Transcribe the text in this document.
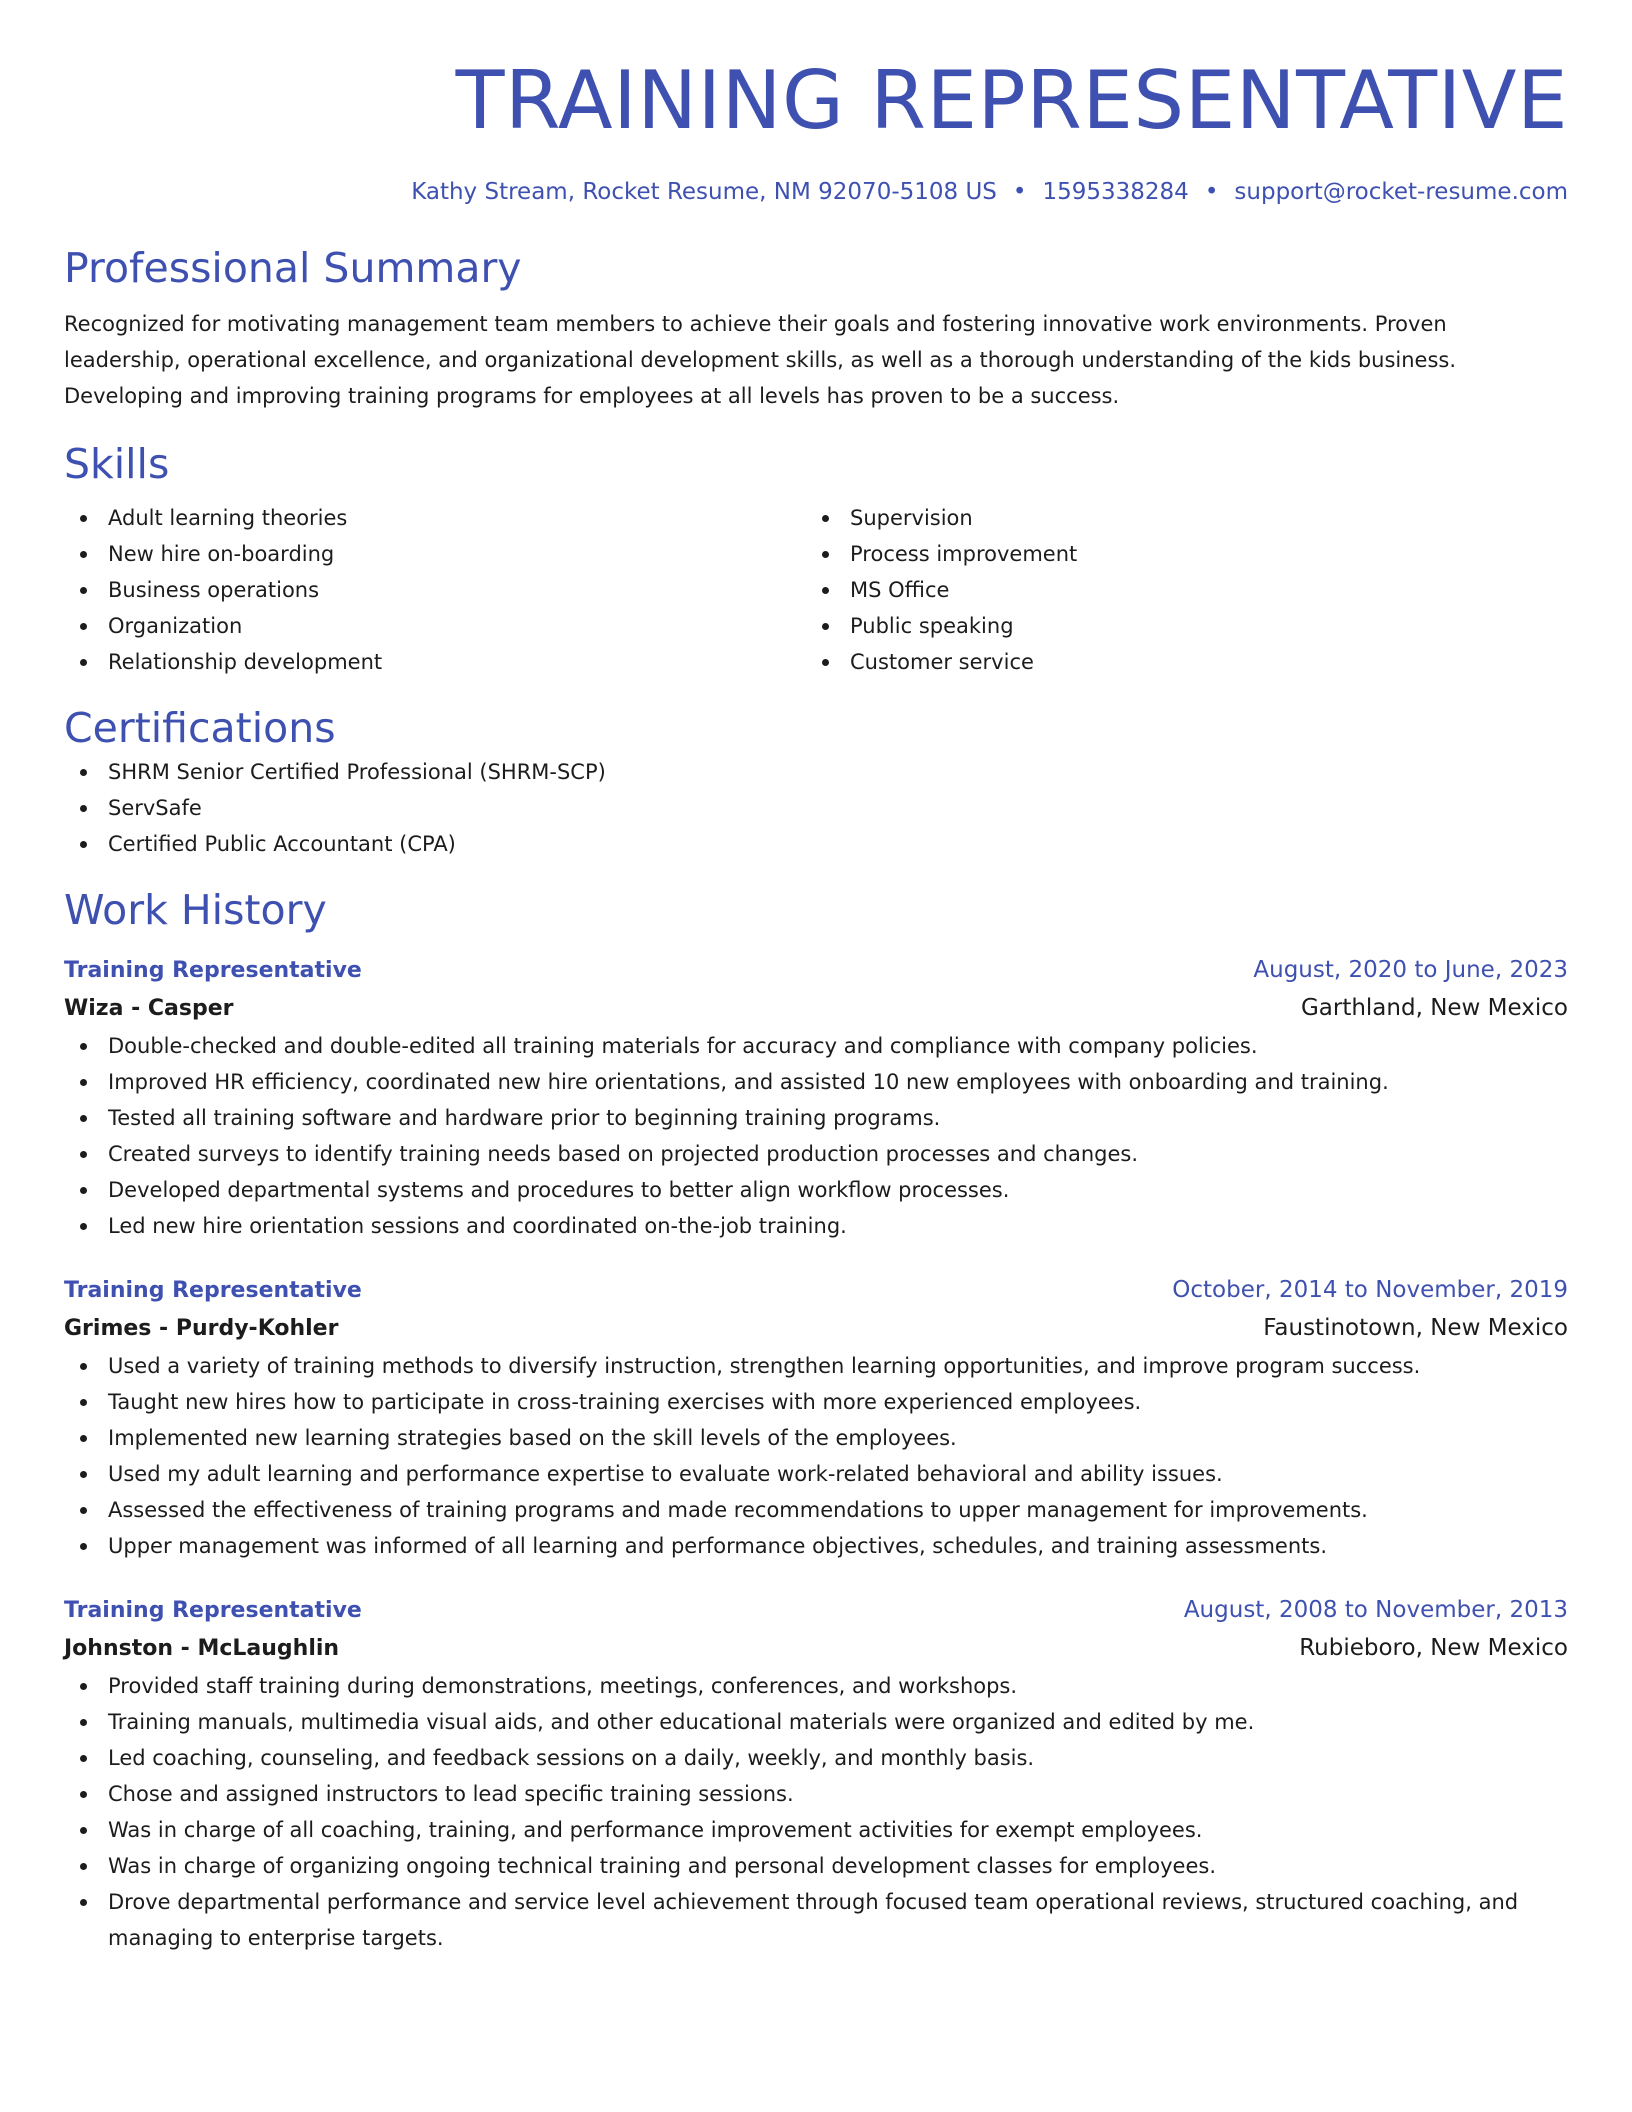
TRAINING REPRESENTATIVE
Kathy Stream, Rocket Resume, NM 92070-5108 US • 1595338284 • support@rocket-resume.com
Professional Summary
Recognized for motivating management team members to achieve their goals and fostering innovative work environments. Proven leadership, operational excellence, and organizational development skills, as well as a thorough understanding of the kids business. Developing and improving training programs for employees at all levels has proven to be a success.
Skills
Adult learning theories
New hire on-boarding
Business operations
Organization
Relationship development
Supervision
Process improvement
MS Office
Public speaking
Customer service
Certifications
SHRM Senior Certified Professional (SHRM-SCP)
ServSafe
Certified Public Accountant (CPA)
Work History
Training Representative	August, 2020 to June, 2023
Wiza - Casper	Garthland, New Mexico
Double-checked and double-edited all training materials for accuracy and compliance with company policies.
Improved HR efficiency, coordinated new hire orientations, and assisted 10 new employees with onboarding and training.
Tested all training software and hardware prior to beginning training programs.
Created surveys to identify training needs based on projected production processes and changes.
Developed departmental systems and procedures to better align workflow processes.
Led new hire orientation sessions and coordinated on-the-job training.
Training Representative	October, 2014 to November, 2019
Grimes - Purdy-Kohler	Faustinotown, New Mexico
Used a variety of training methods to diversify instruction, strengthen learning opportunities, and improve program success.
Taught new hires how to participate in cross-training exercises with more experienced employees.
Implemented new learning strategies based on the skill levels of the employees.
Used my adult learning and performance expertise to evaluate work-related behavioral and ability issues.
Assessed the effectiveness of training programs and made recommendations to upper management for improvements.
Upper management was informed of all learning and performance objectives, schedules, and training assessments.
Training Representative	August, 2008 to November, 2013
Johnston - McLaughlin	Rubieboro, New Mexico
Provided staff training during demonstrations, meetings, conferences, and workshops.
Training manuals, multimedia visual aids, and other educational materials were organized and edited by me.
Led coaching, counseling, and feedback sessions on a daily, weekly, and monthly basis.
Chose and assigned instructors to lead specific training sessions.
Was in charge of all coaching, training, and performance improvement activities for exempt employees.
Was in charge of organizing ongoing technical training and personal development classes for employees.
Drove departmental performance and service level achievement through focused team operational reviews, structured coaching, and managing to enterprise targets.
